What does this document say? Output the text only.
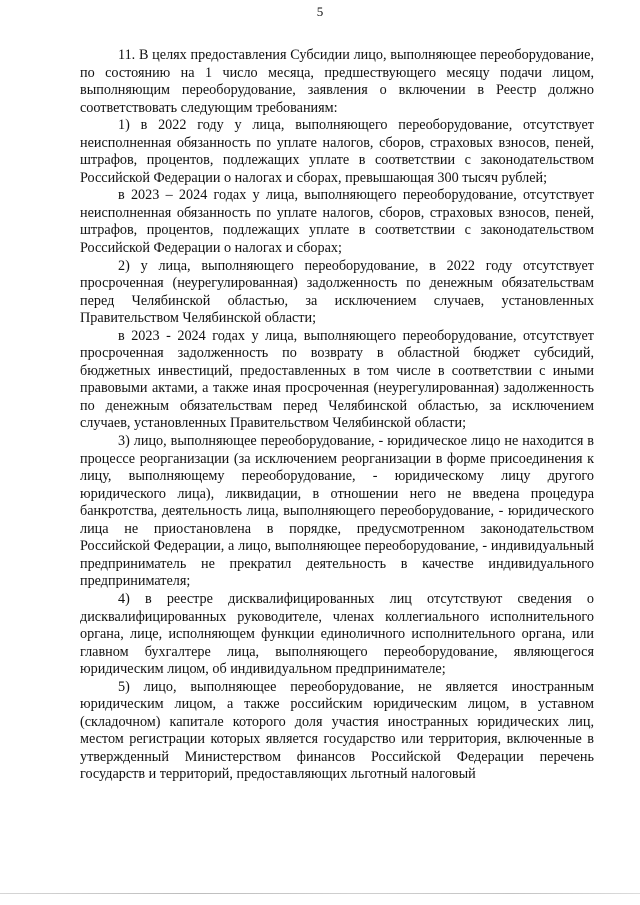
5

11. В целях предоставления Субсидии лицо, выполняющее переоборудование, по состоянию на 1 число месяца, предшествующего месяцу подачи лицом, выполняющим переоборудование, заявления о включении в Реестр должно соответствовать следующим требованиям:

1) в 2022 году у лица, выполняющего переоборудование, отсутствует неисполненная обязанность по уплате налогов, сборов, страховых взносов, пеней, штрафов, процентов, подлежащих уплате в соответствии с законодательством Российской Федерации о налогах и сборах, превышающая 300 тысяч рублей;

в 2023 – 2024 годах у лица, выполняющего переоборудование, отсутствует неисполненная обязанность по уплате налогов, сборов, страховых взносов, пеней, штрафов, процентов, подлежащих уплате в соответствии с законодательством Российской Федерации о налогах и сборах;

2) у лица, выполняющего переоборудование, в 2022 году отсутствует просроченная (неурегулированная) задолженность по денежным обязательствам перед Челябинской областью, за исключением случаев, установленных Правительством Челябинской области;

в 2023 - 2024 годах у лица, выполняющего переоборудование, отсутствует просроченная задолженность по возврату в областной бюджет субсидий, бюджетных инвестиций, предоставленных в том числе в соответствии с иными правовыми актами, а также иная просроченная (неурегулированная) задолженность по денежным обязательствам перед Челябинской областью, за исключением случаев, установленных Правительством Челябинской области;

3) лицо, выполняющее переоборудование, - юридическое лицо не находится в процессе реорганизации (за исключением реорганизации в форме присоединения к лицу, выполняющему переоборудование, - юридическому лицу другого юридического лица), ликвидации, в отношении него не введена процедура банкротства, деятельность лица, выполняющего переоборудование, - юридического лица не приостановлена в порядке, предусмотренном законодательством Российской Федерации, а лицо, выполняющее переоборудование, - индивидуальный предприниматель не прекратил деятельность в качестве индивидуального предпринимателя;

4) в реестре дисквалифицированных лиц отсутствуют сведения о дисквалифицированных руководителе, членах коллегиального исполнительного органа, лице, исполняющем функции единоличного исполнительного органа, или главном бухгалтере лица, выполняющего переоборудование, являющегося юридическим лицом, об индивидуальном предпринимателе;

5) лицо, выполняющее переоборудование, не является иностранным юридическим лицом, а также российским юридическим лицом, в уставном (складочном) капитале которого доля участия иностранных юридических лиц, местом регистрации которых является государство или территория, включенные в утвержденный Министерством финансов Российской Федерации перечень государств и территорий, предоставляющих льготный налоговый
